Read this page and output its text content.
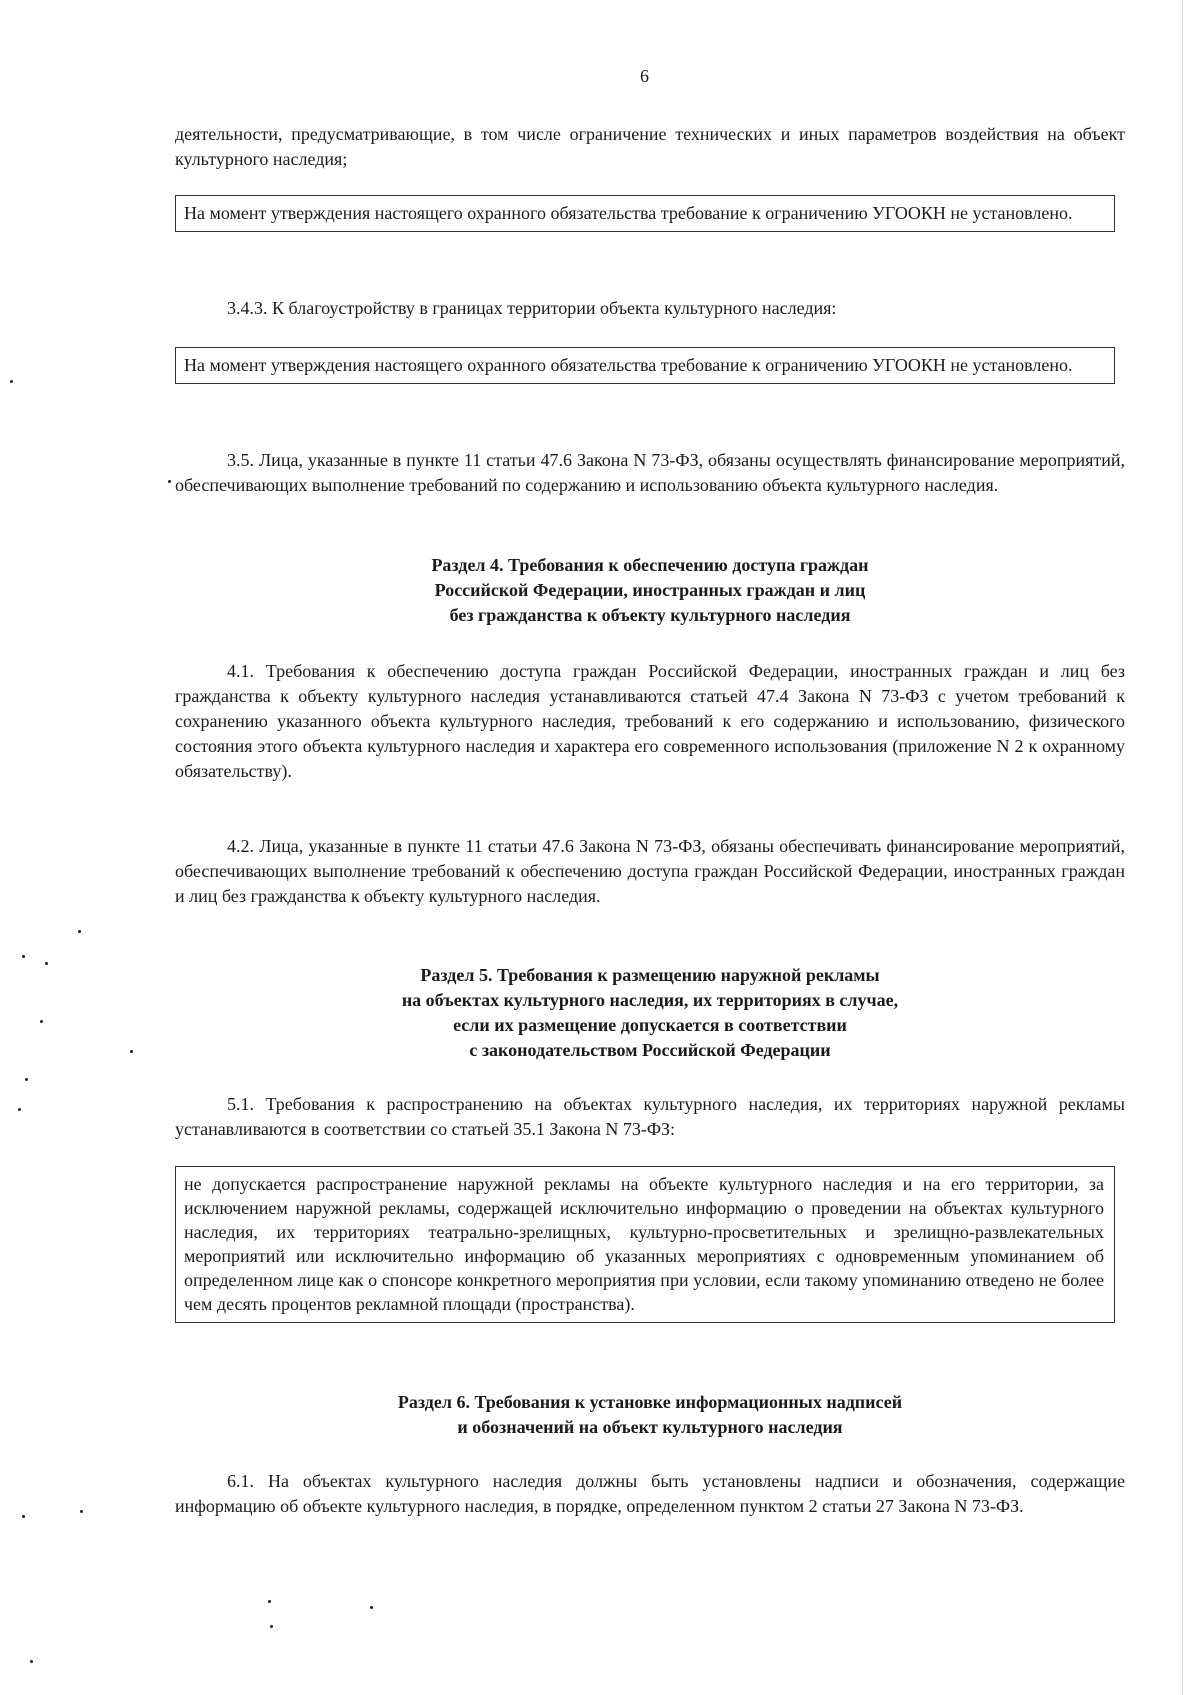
6
деятельности, предусматривающие, в том числе ограничение технических и иных параметров воздействия на объект культурного наследия;
На момент утверждения настоящего охранного обязательства требование к ограничению УГООКН не установлено.
3.4.3. К благоустройству в границах территории объекта культурного наследия:
На момент утверждения настоящего охранного обязательства требование к ограничению УГООКН не установлено.
3.5. Лица, указанные в пункте 11 статьи 47.6 Закона N 73-ФЗ, обязаны осуществлять финансирование мероприятий, обеспечивающих выполнение требований по содержанию и использованию объекта культурного наследия.
Раздел 4. Требования к обеспечению доступа граждан
Российской Федерации, иностранных граждан и лиц
без гражданства к объекту культурного наследия
4.1. Требования к обеспечению доступа граждан Российской Федерации, иностранных граждан и лиц без гражданства к объекту культурного наследия устанавливаются статьей 47.4 Закона N 73-ФЗ с учетом требований к сохранению указанного объекта культурного наследия, требований к его содержанию и использованию, физического состояния этого объекта культурного наследия и характера его современного использования (приложение N 2 к охранному обязательству).
4.2. Лица, указанные в пункте 11 статьи 47.6 Закона N 73-ФЗ, обязаны обеспечивать финансирование мероприятий, обеспечивающих выполнение требований к обеспечению доступа граждан Российской Федерации, иностранных граждан и лиц без гражданства к объекту культурного наследия.
Раздел 5. Требования к размещению наружной рекламы
на объектах культурного наследия, их территориях в случае,
если их размещение допускается в соответствии
с законодательством Российской Федерации
5.1. Требования к распространению на объектах культурного наследия, их территориях наружной рекламы устанавливаются в соответствии со статьей 35.1 Закона N 73-ФЗ:
не допускается распространение наружной рекламы на объекте культурного наследия и на его территории, за исключением наружной рекламы, содержащей исключительно информацию о проведении на объектах культурного наследия, их территориях театрально-зрелищных, культурно-просветительных и зрелищно-развлекательных мероприятий или исключительно информацию об указанных мероприятиях с одновременным упоминанием об определенном лице как о спонсоре конкретного мероприятия при условии, если такому упоминанию отведено не более чем десять процентов рекламной площади (пространства).
Раздел 6. Требования к установке информационных надписей
и обозначений на объект культурного наследия
6.1. На объектах культурного наследия должны быть установлены надписи и обозначения, содержащие информацию об объекте культурного наследия, в порядке, определенном пунктом 2 статьи 27 Закона N 73-ФЗ.
